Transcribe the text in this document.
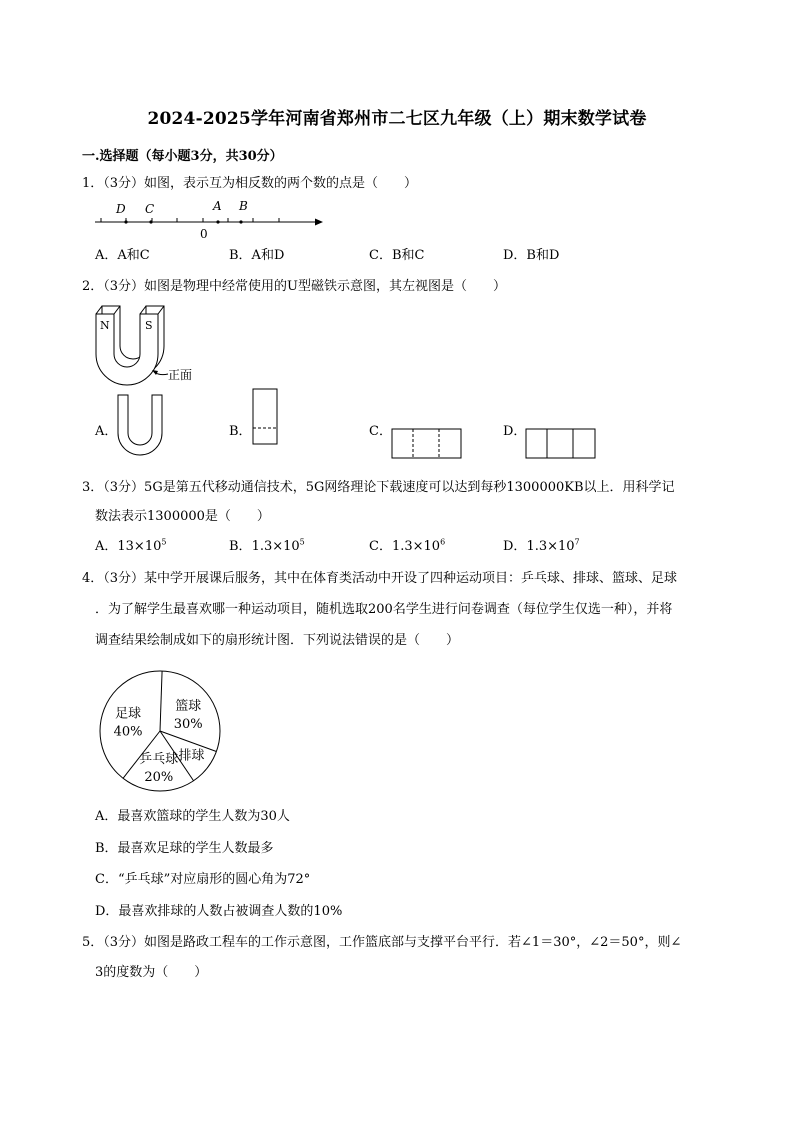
2024-2025学年河南省郑州市二七区九年级（上）期末数学试卷
一.选择题（每小题3分，共30分）
1．（3分）如图，表示互为相反数的两个数的点是（　　）
D C	A B
0
A．A和C	B．A和D	C．B和C	D．B和D
2．（3分）如图是物理中经常使用的U型磁铁示意图，其左视图是（　　）
N	S
正面
A．	B．	C．	D．
3．（3分）5G是第五代移动通信技术，5G网络理论下载速度可以达到每秒1300000KB以上．用科学记
数法表示1300000是（　　）
A．$13\times 10^5$	B．$1.3\times 10^5$	C．$1.3\times 10^6$	D．$1.3\times 10^7$
4．（3分）某中学开展课后服务，其中在体育类活动中开设了四种运动项目：乒乓球、排球、篮球、足球
．为了解学生最喜欢哪一种运动项目，随机选取200名学生进行问卷调查（每位学生仅选一种），并将
调查结果绘制成如下的扇形统计图．下列说法错误的是（　　）
篮球
30%
排球
乒乓球
20%
足球
40%
A．最喜欢篮球的学生人数为30人
B．最喜欢足球的学生人数最多
C．“乒乓球”对应扇形的圆心角为72°
D．最喜欢排球的人数占被调查人数的10%
5．（3分）如图是路政工程车的工作示意图，工作篮底部与支撑平台平行．若∠1＝30°，∠2＝50°，则∠
3的度数为（　　）
